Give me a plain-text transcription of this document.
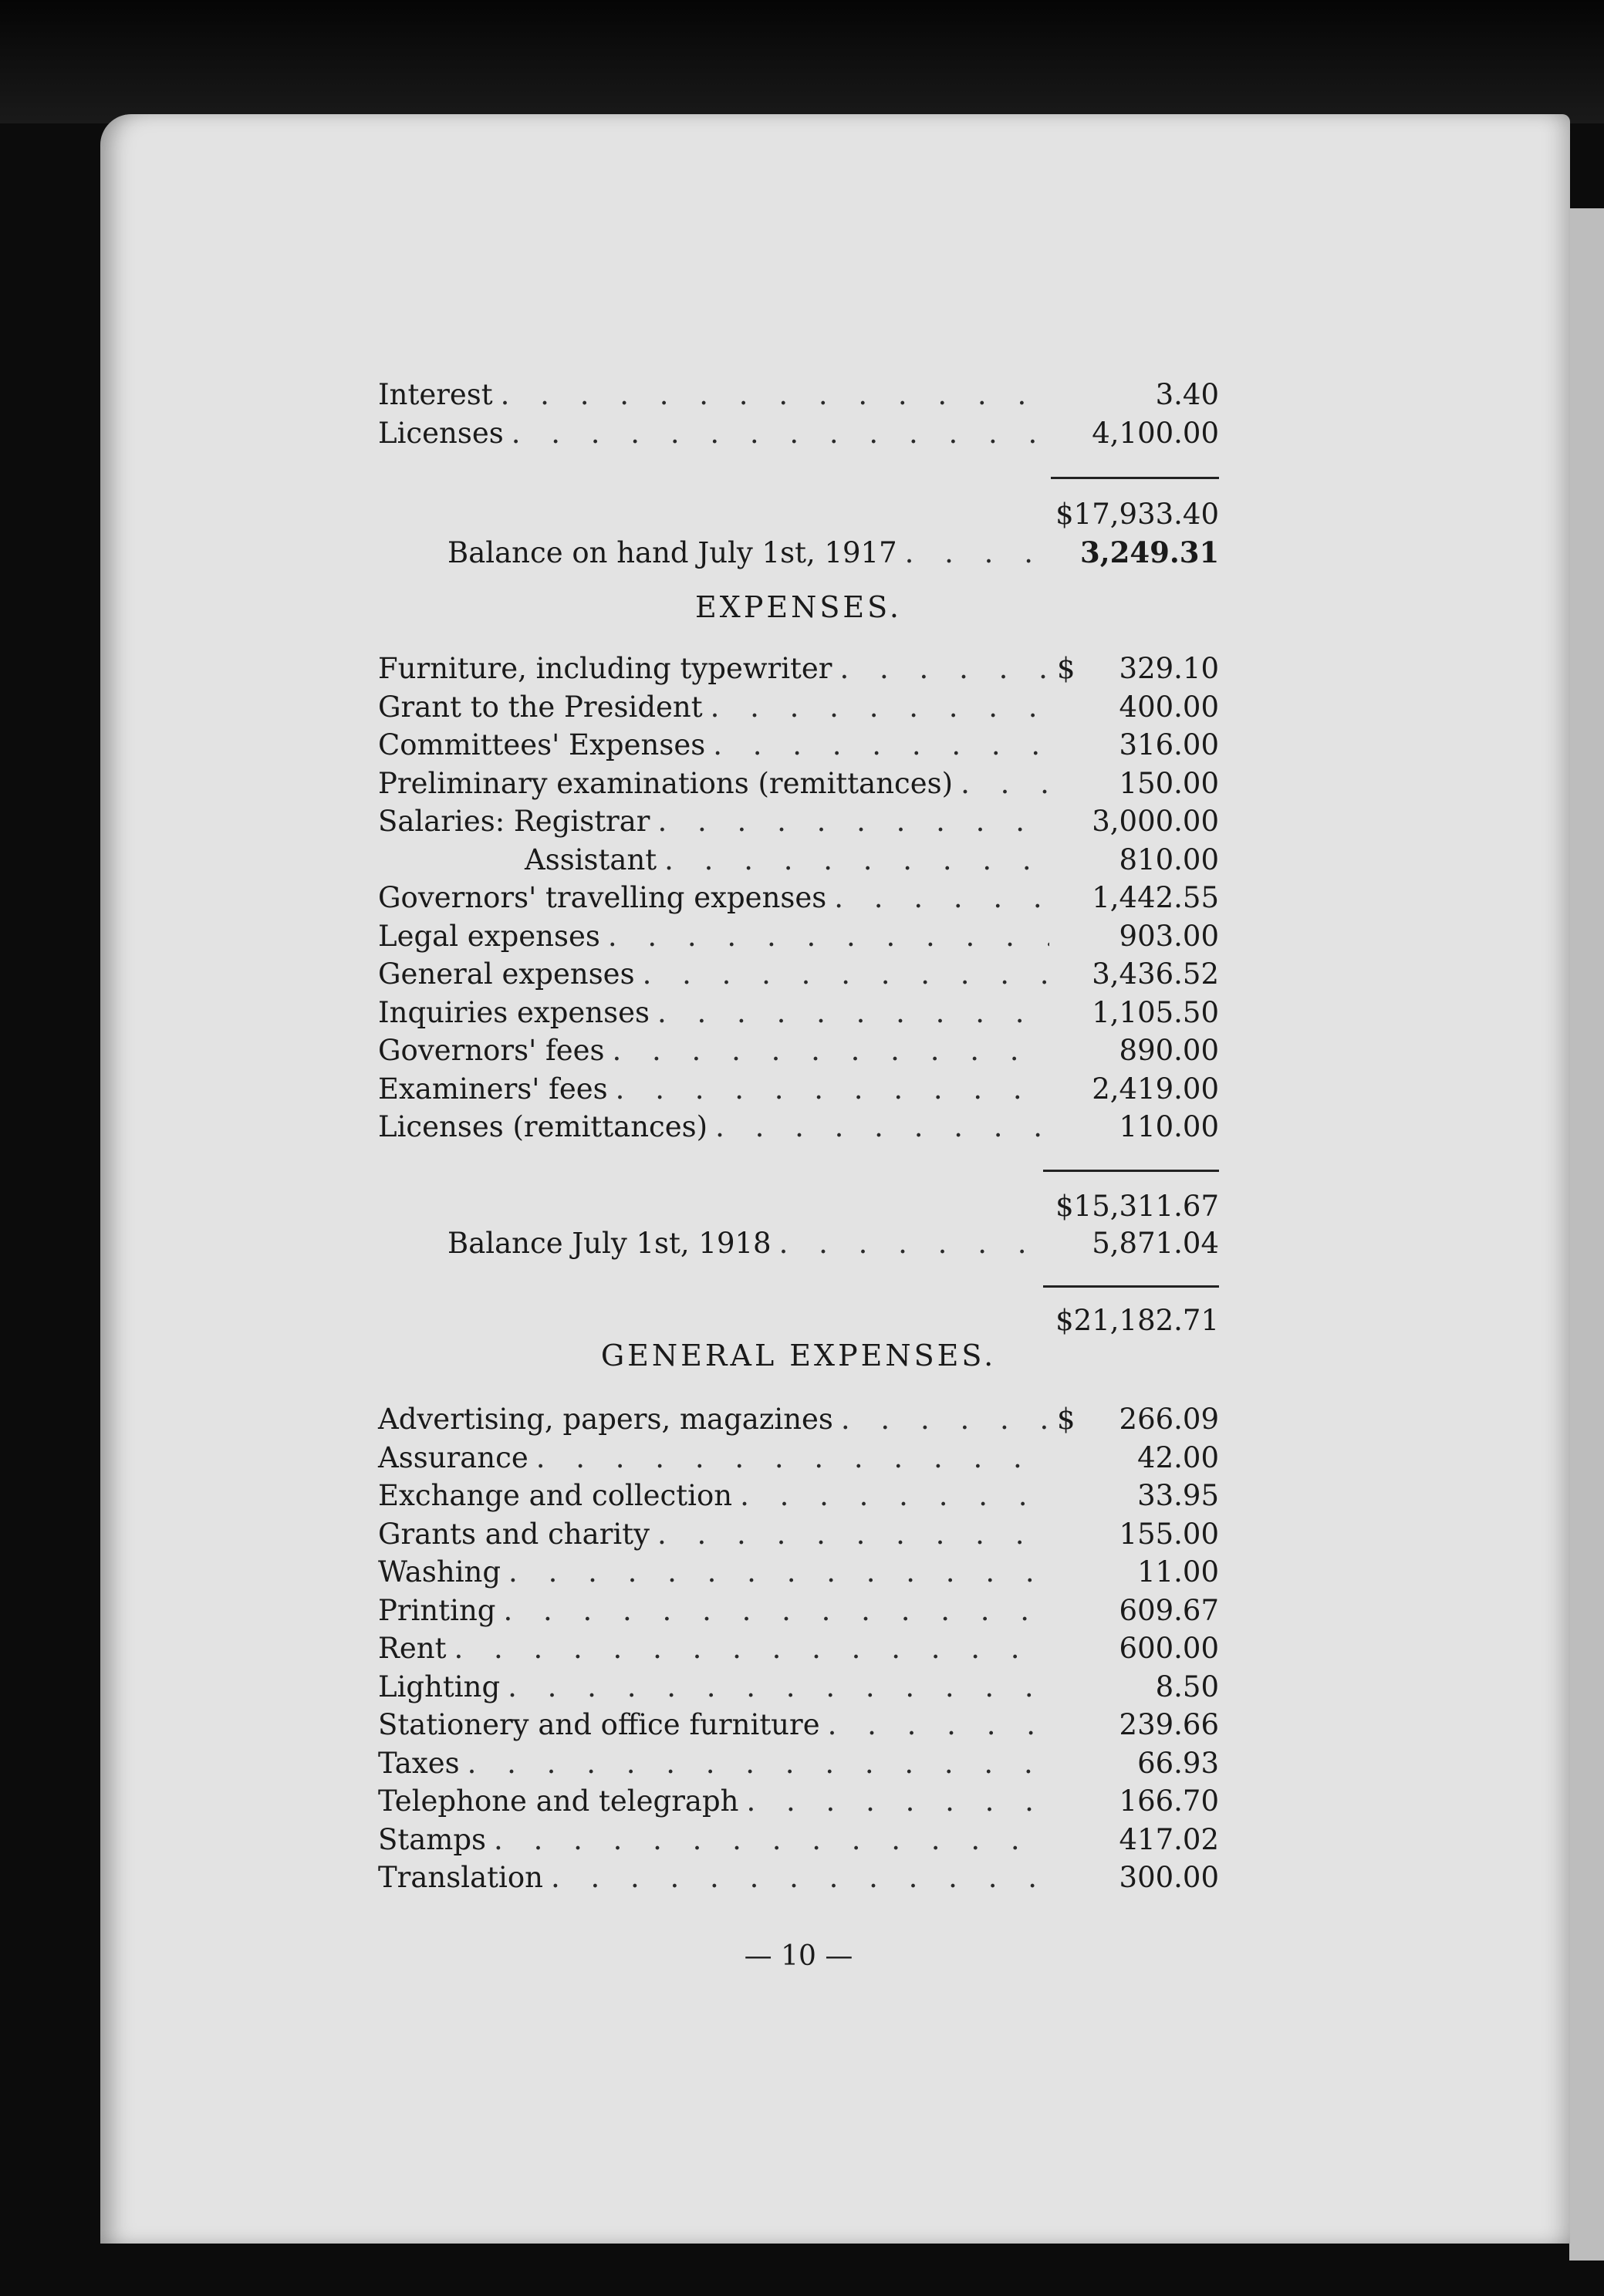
Interest . . .	3.40
Licenses . . .	4,100.00
$17,933.40
Balance on hand July 1st, 1917 . . .	3,249.31
EXPENSES.
Furniture, including typewriter . . .	$	329.10
Grant to the President . . .	400.00
Committees' Expenses . . .	316.00
Preliminary examinations (remittances) . . .	150.00
Salaries: Registrar . . .	3,000.00
Assistant . . .	810.00
Governors' travelling expenses . . .	1,442.55
Legal expenses . . .	903.00
General expenses . . .	3,436.52
Inquiries expenses . . .	1,105.50
Governors' fees . . .	890.00
Examiners' fees . . .	2,419.00
Licenses (remittances) . . .	110.00
$15,311.67
Balance July 1st, 1918 . . .	5,871.04
$21,182.71
GENERAL EXPENSES.
Advertising, papers, magazines . . .	$	266.09
Assurance . . .	42.00
Exchange and collection . . .	33.95
Grants and charity . . .	155.00
Washing . . .	11.00
Printing . . .	609.67
Rent . . .	600.00
Lighting . . .	8.50
Stationery and office furniture . . .	239.66
Taxes . . .	66.93
Telephone and telegraph . . .	166.70
Stamps . . .	417.02
Translation . . .	300.00
— 10 —
